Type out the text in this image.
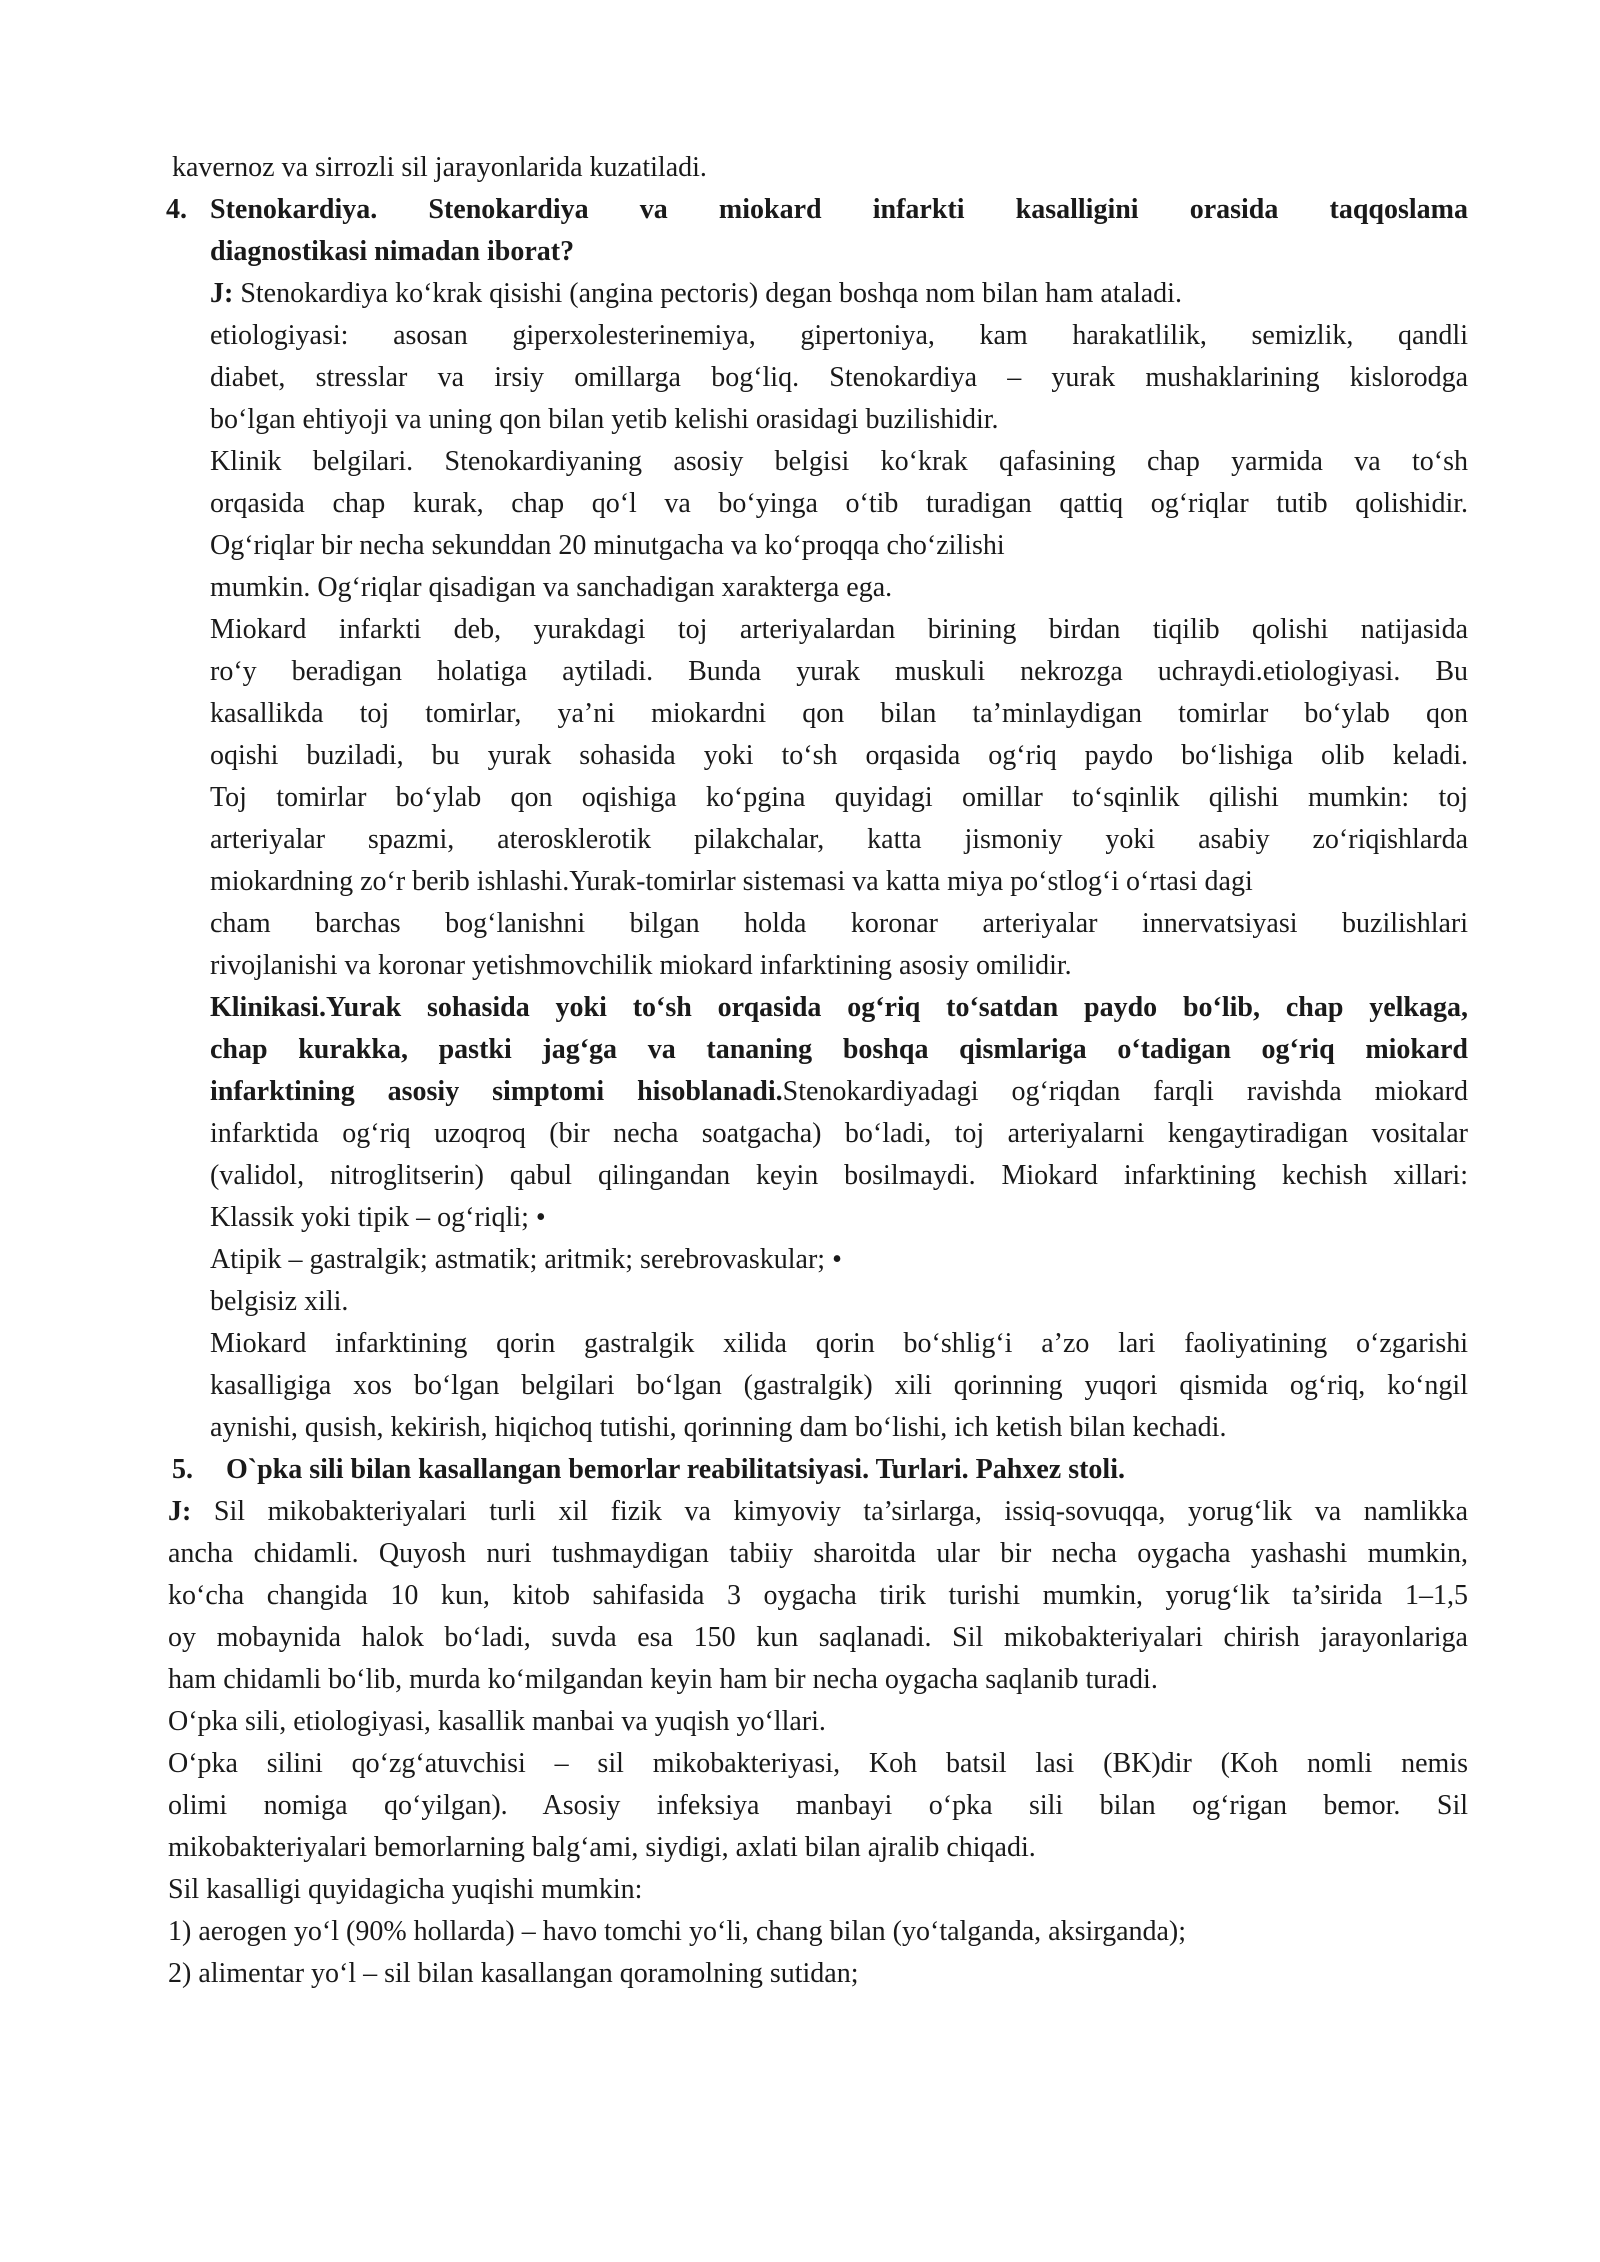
kavernoz va sirrozli sil jarayonlarida kuzatiladi.
4. Stenokardiya. Stenokardiya va miokard infarkti kasalligini orasida taqqoslama
diagnostikasi nimadan iborat?
J: Stenokardiya ko‘krak qisishi (angina pectoris) degan boshqa nom bilan ham ataladi.
etiologiyasi: asosan giperxolesterinemiya, gipertoniya, kam harakatlilik, semizlik, qandli
diabet, stresslar va irsiy omillarga bog‘liq. Stenokardiya – yurak mushaklarining kislorodga
bo‘lgan ehtiyoji va uning qon bilan yetib kelishi orasidagi buzilishidir.
Klinik belgilari. Stenokardiyaning asosiy belgisi ko‘krak qafasining chap yarmida va to‘sh
orqasida chap kurak, chap qo‘l va bo‘yinga o‘tib turadigan qattiq og‘riqlar tutib qolishidir.
Og‘riqlar bir necha sekunddan 20 minutgacha va ko‘proqqa cho‘zilishi
mumkin. Og‘riqlar qisadigan va sanchadigan xarakterga ega.
Miokard infarkti deb, yurakdagi toj arteriyalardan birining birdan tiqilib qolishi natijasida
ro‘y beradigan holatiga aytiladi. Bunda yurak muskuli nekrozga uchraydi.etiologiyasi. Bu
kasallikda toj tomirlar, ya’ni miokardni qon bilan ta’minlaydigan tomirlar bo‘ylab qon
oqishi buziladi, bu yurak sohasida yoki to‘sh orqasida og‘riq paydo bo‘lishiga olib keladi.
Toj tomirlar bo‘ylab qon oqishiga ko‘pgina quyidagi omillar to‘sqinlik qilishi mumkin: toj
arteriyalar spazmi, aterosklerotik pilakchalar, katta jismoniy yoki asabiy zo‘riqishlarda
miokardning zo‘r berib ishlashi.Yurak-tomirlar sistemasi va katta miya po‘stlog‘i o‘rtasi dagi
cham barchas bog‘lanishni bilgan holda koronar arteriyalar innervatsiyasi buzilishlari
rivojlanishi va koronar yetishmovchilik miokard infarktining asosiy omilidir.
Klinikasi.Yurak sohasida yoki to‘sh orqasida og‘riq to‘satdan paydo bo‘lib, chap yelkaga,
chap kurakka, pastki jag‘ga va tananing boshqa qismlariga o‘tadigan og‘riq miokard
infarktining asosiy simptomi hisoblanadi.Stenokardiyadagi og‘riqdan farqli ravishda miokard
infarktida og‘riq uzoqroq (bir necha soatgacha) bo‘ladi, toj arteriyalarni kengaytiradigan vositalar
(validol, nitroglitserin) qabul qilingandan keyin bosilmaydi. Miokard infarktining kechish xillari:
Klassik yoki tipik – og‘riqli; •
Atipik – gastralgik; astmatik; aritmik; serebrovaskular; •
belgisiz xili.
Miokard infarktining qorin gastralgik xilida qorin bo‘shlig‘i a’zo lari faoliyatining o‘zgarishi
kasalligiga xos bo‘lgan belgilari bo‘lgan (gastralgik) xili qorinning yuqori qismida og‘riq, ko‘ngil
aynishi, qusish, kekirish, hiqichoq tutishi, qorinning dam bo‘lishi, ich ketish bilan kechadi.
5. O`pka sili bilan kasallangan bemorlar reabilitatsiyasi. Turlari. Pahxez stoli.
J: Sil mikobakteriyalari turli xil fizik va kimyoviy ta’sirlarga, issiq-sovuqqa, yorug‘lik va namlikka
ancha chidamli. Quyosh nuri tushmaydigan tabiiy sharoitda ular bir necha oygacha yashashi mumkin,
ko‘cha changida 10 kun, kitob sahifasida 3 oygacha tirik turishi mumkin, yorug‘lik ta’sirida 1–1,5
oy mobaynida halok bo‘ladi, suvda esa 150 kun saqlanadi. Sil mikobakteriyalari chirish jarayonlariga
ham chidamli bo‘lib, murda ko‘milgandan keyin ham bir necha oygacha saqlanib turadi.
O‘pka sili, etiologiyasi, kasallik manbai va yuqish yo‘llari.
O‘pka silini qo‘zg‘atuvchisi – sil mikobakteriyasi, Koh batsil lasi (BK)dir (Koh nomli nemis
olimi nomiga qo‘yilgan). Asosiy infeksiya manbayi o‘pka sili bilan og‘rigan bemor. Sil
mikobakteriyalari bemorlarning balg‘ami, siydigi, axlati bilan ajralib chiqadi.
Sil kasalligi quyidagicha yuqishi mumkin:
1) aerogen yo‘l (90% hollarda) – havo tomchi yo‘li, chang bilan (yo‘talganda, aksirganda);
2) alimentar yo‘l – sil bilan kasallangan qoramolning sutidan;
